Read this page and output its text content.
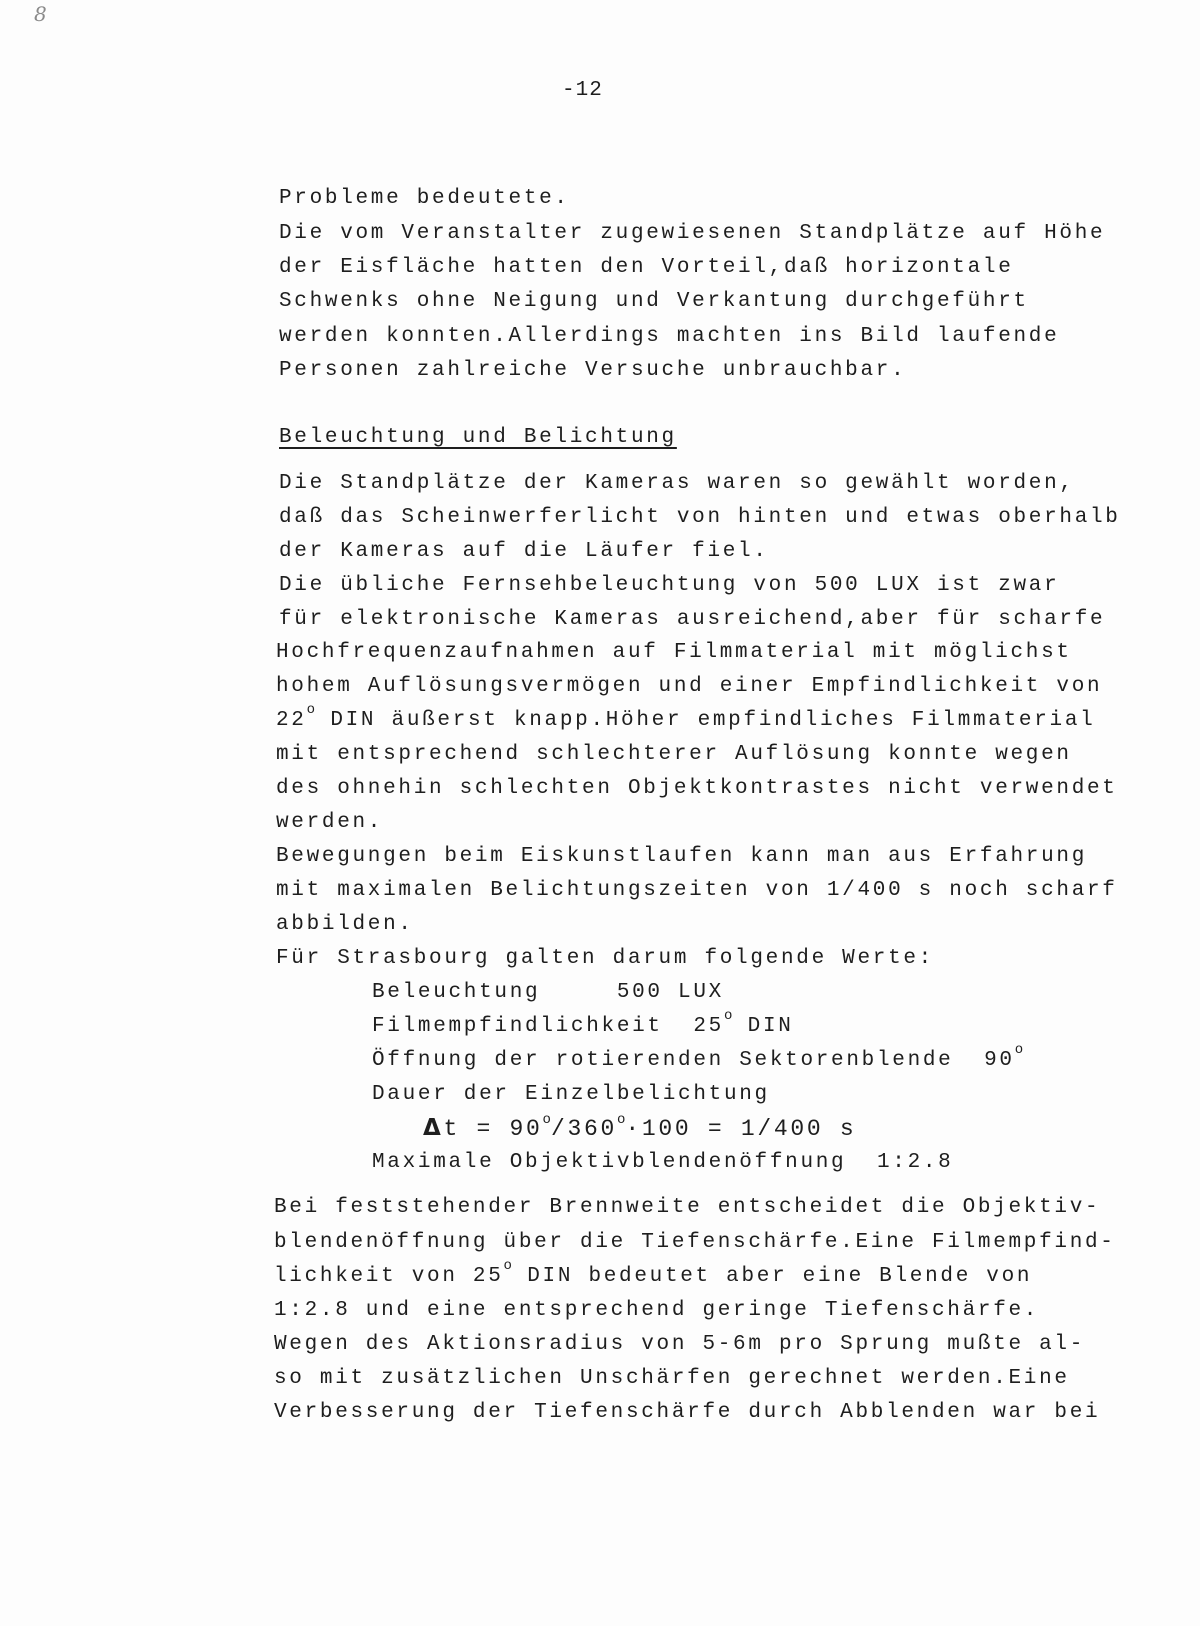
8
-12
Probleme bedeutete.
Die vom Veranstalter zugewiesenen Standplätze auf Höhe
der Eisfläche hatten den Vorteil,daß horizontale
Schwenks ohne Neigung und Verkantung durchgeführt
werden konnten.Allerdings machten ins Bild laufende
Personen zahlreiche Versuche unbrauchbar.
Beleuchtung und Belichtung
Die Standplätze der Kameras waren so gewählt worden,
daß das Scheinwerferlicht von hinten und etwas oberhalb
der Kameras auf die Läufer fiel.
Die übliche Fernsehbeleuchtung von 500 LUX ist zwar
für elektronische Kameras ausreichend,aber für scharfe
Hochfrequenzaufnahmen auf Filmmaterial mit möglichst
hohem Auflösungsvermögen und einer Empfindlichkeit von
22$^o$ DIN äußerst knapp.Höher empfindliches Filmmaterial
mit entsprechend schlechterer Auflösung konnte wegen
des ohnehin schlechten Objektkontrastes nicht verwendet
werden.
Bewegungen beim Eiskunstlaufen kann man aus Erfahrung
mit maximalen Belichtungszeiten von 1/400 s noch scharf
abbilden.
Für Strasbourg galten darum folgende Werte:
Beleuchtung     500 LUX
Filmempfindlichkeit  25$^o$ DIN
Öffnung der rotierenden Sektorenblende  90$^o$
Dauer der Einzelbelichtung
$\Delta t = 90^o/360^o\cdot 100 = 1/400$ s
Maximale Objektivblendenöffnung  1:2.8
Bei feststehender Brennweite entscheidet die Objektiv-
blendenöffnung über die Tiefenschärfe.Eine Filmempfind-
lichkeit von 25$^o$ DIN bedeutet aber eine Blende von
1:2.8 und eine entsprechend geringe Tiefenschärfe.
Wegen des Aktionsradius von 5-6m pro Sprung mußte al-
so mit zusätzlichen Unschärfen gerechnet werden.Eine
Verbesserung der Tiefenschärfe durch Abblenden war bei
